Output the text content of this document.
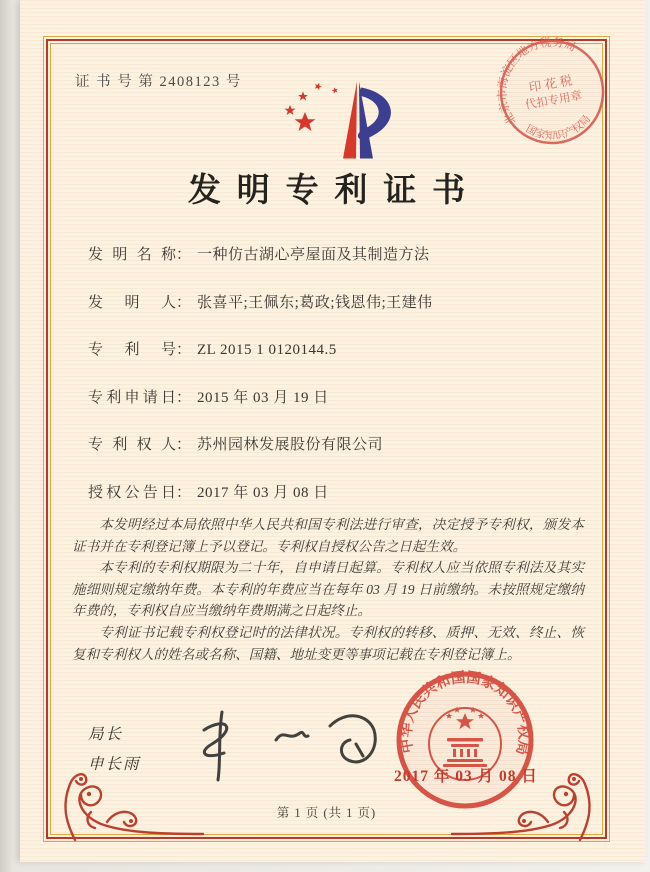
证 书 号 第 2408123 号
北京市海淀区地方税务局
国家知识产权局
印 花 税
代扣专用章
发明专利证书
发明名称： 一种仿古湖心亭屋面及其制造方法
发明人： 张喜平;王佩东;葛政;钱恩伟;王建伟
专利号： ZL 2015 1 0120144.5
专利申请日： 2015 年 03 月 19 日
专利权人： 苏州园林发展股份有限公司
授权公告日： 2017 年 03 月 08 日

本发明经过本局依照中华人民共和国专利法进行审查，决定授予专利权，颁发本证书并在专利登记簿上予以登记。专利权自授权公告之日起生效。

本专利的专利权期限为二十年，自申请日起算。专利权人应当依照专利法及其实施细则规定缴纳年费。本专利的年费应当在每年 03 月 19 日前缴纳。未按照规定缴纳年费的，专利权自应当缴纳年费期满之日起终止。

专利证书记载专利权登记时的法律状况。专利权的转移、质押、无效、终止、恢复和专利权人的姓名或名称、国籍、地址变更等事项记载在专利登记簿上。

局长
申长雨
中华人民共和国国家知识产权局
2017 年 03 月 08 日
第 1 页 (共 1 页)
